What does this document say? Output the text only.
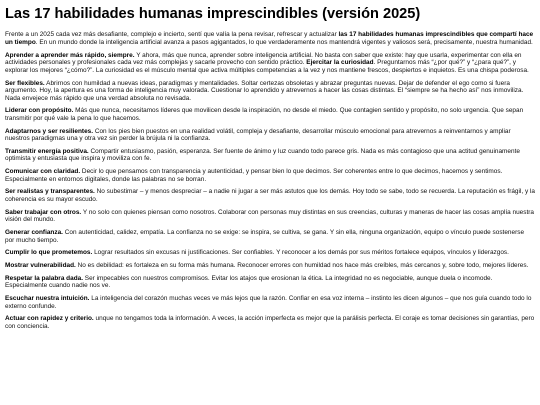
Las 17 habilidades humanas imprescindibles (versión 2025)

Frente a un 2025 cada vez más desafiante, complejo e incierto, sentí que valía la pena revisar, refrescar y actualizar las 17 habilidades humanas imprescindibles que compartí hace un tiempo. En un mundo donde la inteligencia artificial avanza a pasos agigantados, lo que verdaderamente nos mantendrá vigentes y valiosos será, precisamente, nuestra humanidad.

Aprender a aprender más rápido, siempre. Y ahora, más que nunca, aprender sobre inteligencia artificial. No basta con saber que existe: hay que usarla, experimentar con ella en actividades personales y profesionales cada vez más complejas y sacarle provecho con sentido práctico. Ejercitar la curiosidad. Preguntarnos más “¿por qué?” y “¿para qué?”, y explorar los mejores “¿cómo?”. La curiosidad es el músculo mental que activa múltiples competencias a la vez y nos mantiene frescos, despiertos e inquietos. Es una chispa poderosa.

Ser flexibles. Abrirnos con humildad a nuevas ideas, paradigmas y mentalidades. Soltar certezas obsoletas y abrazar preguntas nuevas. Dejar de defender el ego como si fuera argumento. Hoy, la apertura es una forma de inteligencia muy valorada. Cuestionar lo aprendido y atrevernos a hacer las cosas distintas. El “siempre se ha hecho así” nos inmoviliza. Nada envejece más rápido que una verdad absoluta no revisada.

Liderar con propósito. Más que nunca, necesitamos líderes que movilicen desde la inspiración, no desde el miedo. Que contagien sentido y propósito, no solo urgencia. Que sepan transmitir por qué vale la pena lo que hacemos.

Adaptarnos y ser resilientes. Con los pies bien puestos en una realidad volátil, compleja y desafiante, desarrollar músculo emocional para atrevernos a reinventarnos y ampliar nuestros paradigmas una y otra vez sin perder la brújula ni la confianza.

Transmitir energía positiva. Compartir entusiasmo, pasión, esperanza. Ser fuente de ánimo y luz cuando todo parece gris. Nada es más contagioso que una actitud genuinamente optimista y entusiasta que inspira y moviliza con fe.

Comunicar con claridad. Decir lo que pensamos con transparencia y autenticidad, y pensar bien lo que decimos. Ser coherentes entre lo que decimos, hacemos y sentimos. Especialmente en entornos digitales, donde las palabras no se borran.

Ser realistas y transparentes. No subestimar – y menos despreciar – a nadie ni jugar a ser más astutos que los demás. Hoy todo se sabe, todo se recuerda. La reputación es frágil, y la coherencia es su mayor escudo.

Saber trabajar con otros. Y no solo con quienes piensan como nosotros. Colaborar con personas muy distintas en sus creencias, culturas y maneras de hacer las cosas amplía nuestra visión del mundo.

Generar confianza. Con autenticidad, calidez, empatía. La confianza no se exige: se inspira, se cultiva, se gana. Y sin ella, ninguna organización, equipo o vínculo puede sostenerse por mucho tiempo.

Cumplir lo que prometemos. Lograr resultados sin excusas ni justificaciones. Ser confiables. Y reconocer a los demás por sus méritos fortalece equipos, vínculos y liderazgos.

Mostrar vulnerabilidad. No es debilidad: es fortaleza en su forma más humana. Reconocer errores con humildad nos hace más creíbles, más cercanos y, sobre todo, mejores líderes.

Respetar la palabra dada. Ser impecables con nuestros compromisos. Evitar los atajos que erosionan la ética. La integridad no es negociable, aunque duela o incomode. Especialmente cuando nadie nos ve.

Escuchar nuestra intuición. La inteligencia del corazón muchas veces ve más lejos que la razón. Confiar en esa voz interna – instinto les dicen algunos – que nos guía cuando todo lo externo confunde.

Actuar con rapidez y criterio. unque no tengamos toda la información. A veces, la acción imperfecta es mejor que la parálisis perfecta. El coraje es tomar decisiones sin garantías, pero con conciencia.
